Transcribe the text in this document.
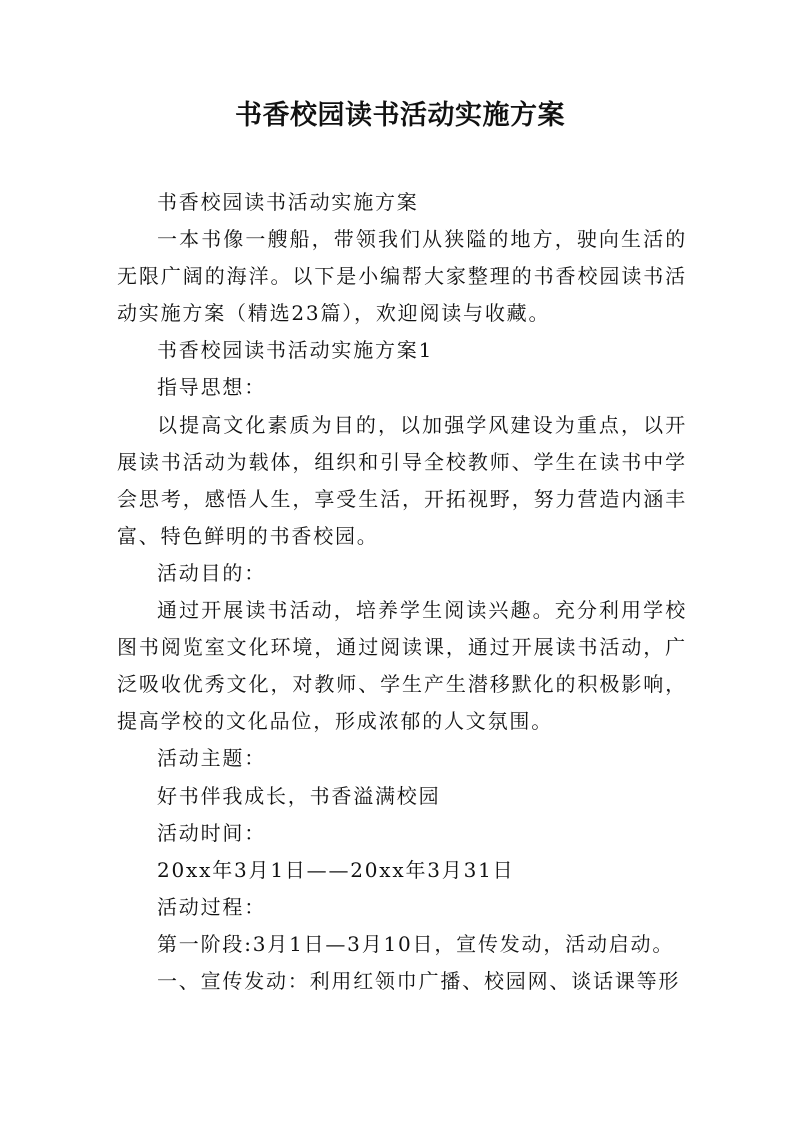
书香校园读书活动实施方案

书香校园读书活动实施方案

一本书像一艘船，带领我们从狭隘的地方，驶向生活的无限广阔的海洋。以下是小编帮大家整理的书香校园读书活动实施方案（精选23篇），欢迎阅读与收藏。

书香校园读书活动实施方案1

指导思想：

以提高文化素质为目的，以加强学风建设为重点，以开展读书活动为载体，组织和引导全校教师、学生在读书中学会思考，感悟人生，享受生活，开拓视野，努力营造内涵丰富、特色鲜明的书香校园。

活动目的：

通过开展读书活动，培养学生阅读兴趣。充分利用学校图书阅览室文化环境，通过阅读课，通过开展读书活动，广泛吸收优秀文化，对教师、学生产生潜移默化的积极影响，提高学校的文化品位，形成浓郁的人文氛围。

活动主题：

好书伴我成长，书香溢满校园

活动时间：

20xx年3月1日——20xx年3月31日

活动过程：

第一阶段:3月1日—3月10日，宣传发动，活动启动。

一、宣传发动：利用红领巾广播、校园网、谈话课等形
